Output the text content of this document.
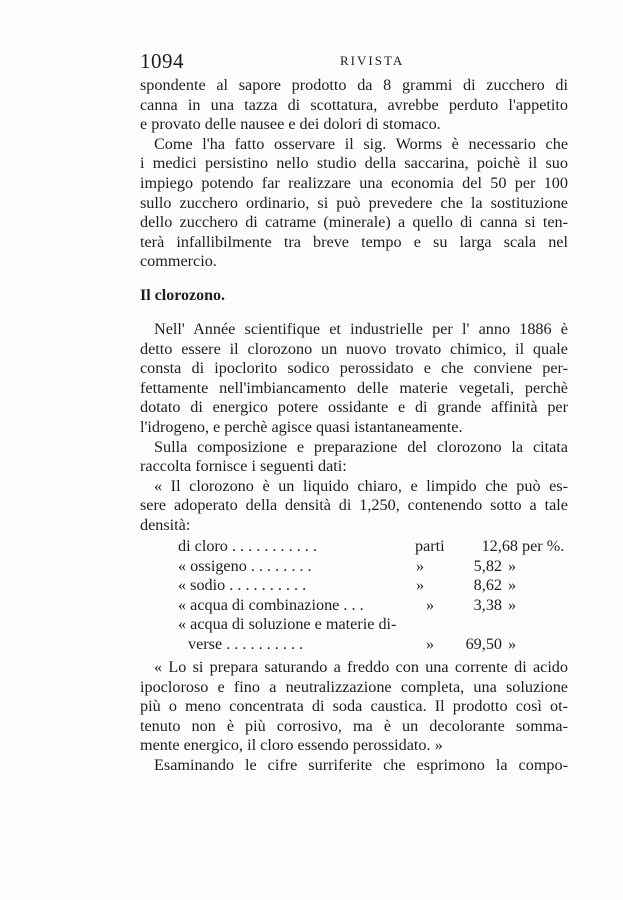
1094	RIVISTA
spondente al sapore prodotto da 8 grammi di zucchero di
canna in una tazza di scottatura, avrebbe perduto l'appetito
e provato delle nausee e dei dolori di stomaco.
Come l'ha fatto osservare il sig. Worms è necessario che
i medici persistino nello studio della saccarina, poichè il suo
impiego potendo far realizzare una economia del 50 per 100
sullo zucchero ordinario, si può prevedere che la sostituzione
dello zucchero di catrame (minerale) a quello di canna si ten-
terà infallibilmente tra breve tempo e su larga scala nel
commercio.
Il clorozono.
Nell' Année scientifique et industrielle per l' anno 1886 è
detto essere il clorozono un nuovo trovato chimico, il quale
consta di ipoclorito sodico perossidato e che conviene per-
fettamente nell'imbiancamento delle materie vegetali, perchè
dotato di energico potere ossidante e di grande affinità per
l'idrogeno, e perchè agisce quasi istantaneamente.
Sulla composizione e preparazione del clorozono la citata
raccolta fornisce i seguenti dati:
« Il clorozono è un liquido chiaro, e limpido che può es-
sere adoperato della densità di 1,250, contenendo sotto a tale
densità:
di cloro . . . . . . . . . . .	parti	12,68 per %.
« ossigeno . . . . . . . .	»	5,82 »
« sodio . . . . . . . . . .	»	8,62 »
« acqua di combinazione . . .	»	3,38 »
« acqua di soluzione e materie di-
verse . . . . . . . . . .	»	69,50 »
« Lo si prepara saturando a freddo con una corrente di acido
ipocloroso e fino a neutralizzazione completa, una soluzione
più o meno concentrata di soda caustica. Il prodotto così ot-
tenuto non è più corrosivo, ma è un decolorante somma-
mente energico, il cloro essendo perossidato. »
Esaminando le cifre surriferite che esprimono la compo-
